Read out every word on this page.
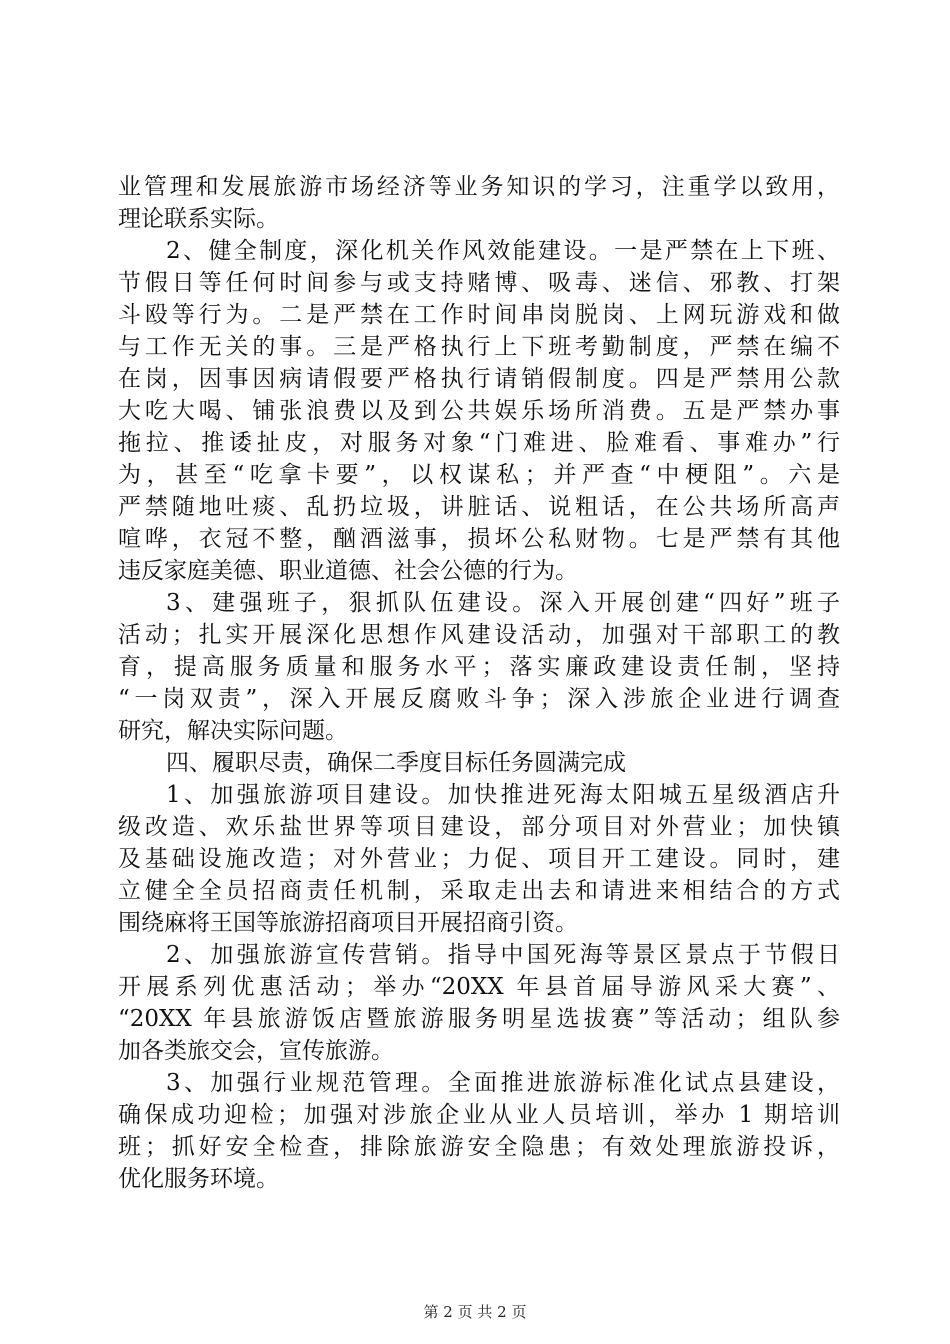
业管理和发展旅游市场经济等业务知识的学习，注重学以致用，
理论联系实际。
2、健全制度，深化机关作风效能建设。一是严禁在上下班、
节假日等任何时间参与或支持赌博、吸毒、迷信、邪教、打架
斗殴等行为。二是严禁在工作时间串岗脱岗、上网玩游戏和做
与工作无关的事。三是严格执行上下班考勤制度，严禁在编不
在岗，因事因病请假要严格执行请销假制度。四是严禁用公款
大吃大喝、铺张浪费以及到公共娱乐场所消费。五是严禁办事
拖拉、推诿扯皮，对服务对象“门难进、脸难看、事难办”行
为，甚至“吃拿卡要”，以权谋私；并严查“中梗阻”。六是
严禁随地吐痰、乱扔垃圾，讲脏话、说粗话，在公共场所高声
喧哗，衣冠不整，酗酒滋事，损坏公私财物。七是严禁有其他
违反家庭美德、职业道德、社会公德的行为。
3、建强班子，狠抓队伍建设。深入开展创建“四好”班子
活动；扎实开展深化思想作风建设活动，加强对干部职工的教
育，提高服务质量和服务水平；落实廉政建设责任制，坚持
“一岗双责”，深入开展反腐败斗争；深入涉旅企业进行调查
研究，解决实际问题。
四、履职尽责，确保二季度目标任务圆满完成
1、加强旅游项目建设。加快推进死海太阳城五星级酒店升
级改造、欢乐盐世界等项目建设，部分项目对外营业；加快镇
及基础设施改造；对外营业；力促、项目开工建设。同时，建
立健全全员招商责任机制，采取走出去和请进来相结合的方式
围绕麻将王国等旅游招商项目开展招商引资。
2、加强旅游宣传营销。指导中国死海等景区景点于节假日
开展系列优惠活动；举办“20XX 年县首届导游风采大赛”、
“20XX 年县旅游饭店暨旅游服务明星选拔赛”等活动；组队参
加各类旅交会，宣传旅游。
3、加强行业规范管理。全面推进旅游标准化试点县建设，
确保成功迎检；加强对涉旅企业从业人员培训，举办 1 期培训
班；抓好安全检查，排除旅游安全隐患；有效处理旅游投诉，
优化服务环境。
第 2 页 共 2 页
